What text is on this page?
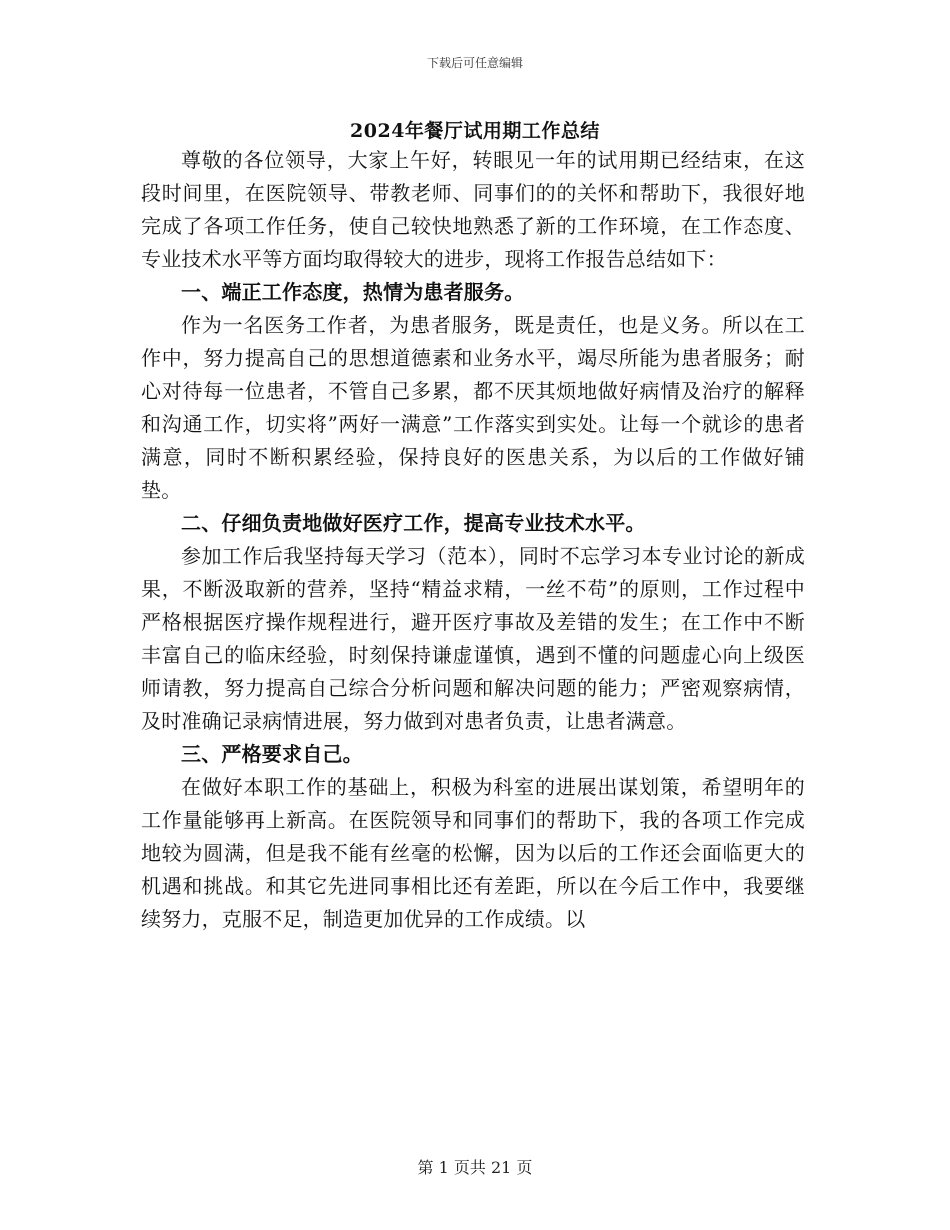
下载后可任意编辑
2024年餐厅试用期工作总结

尊敬的各位领导，大家上午好，转眼见一年的试用期已经结束，在这段时间里，在医院领导、带教老师、同事们的的关怀和帮助下，我很好地完成了各项工作任务，使自己较快地熟悉了新的工作环境，在工作态度、专业技术水平等方面均取得较大的进步，现将工作报告总结如下：

一、端正工作态度，热情为患者服务。

作为一名医务工作者，为患者服务，既是责任，也是义务。所以在工作中，努力提高自己的思想道德素和业务水平，竭尽所能为患者服务；耐心对待每一位患者，不管自己多累，都不厌其烦地做好病情及治疗的解释和沟通工作，切实将”两好一满意”工作落实到实处。让每一个就诊的患者满意，同时不断积累经验，保持良好的医患关系，为以后的工作做好铺垫。

二、仔细负责地做好医疗工作，提高专业技术水平。

参加工作后我坚持每天学习（范本），同时不忘学习本专业讨论的新成果，不断汲取新的营养，坚持“精益求精，一丝不苟”的原则，工作过程中严格根据医疗操作规程进行，避开医疗事故及差错的发生；在工作中不断丰富自己的临床经验，时刻保持谦虚谨慎，遇到不懂的问题虚心向上级医师请教，努力提高自己综合分析问题和解决问题的能力；严密观察病情，及时准确记录病情进展，努力做到对患者负责，让患者满意。

三、严格要求自己。

在做好本职工作的基础上，积极为科室的进展出谋划策，希望明年的工作量能够再上新高。在医院领导和同事们的帮助下，我的各项工作完成地较为圆满，但是我不能有丝毫的松懈，因为以后的工作还会面临更大的机遇和挑战。和其它先进同事相比还有差距，所以在今后工作中，我要继续努力，克服不足，制造更加优异的工作成绩。以

第 1 页共 21 页
